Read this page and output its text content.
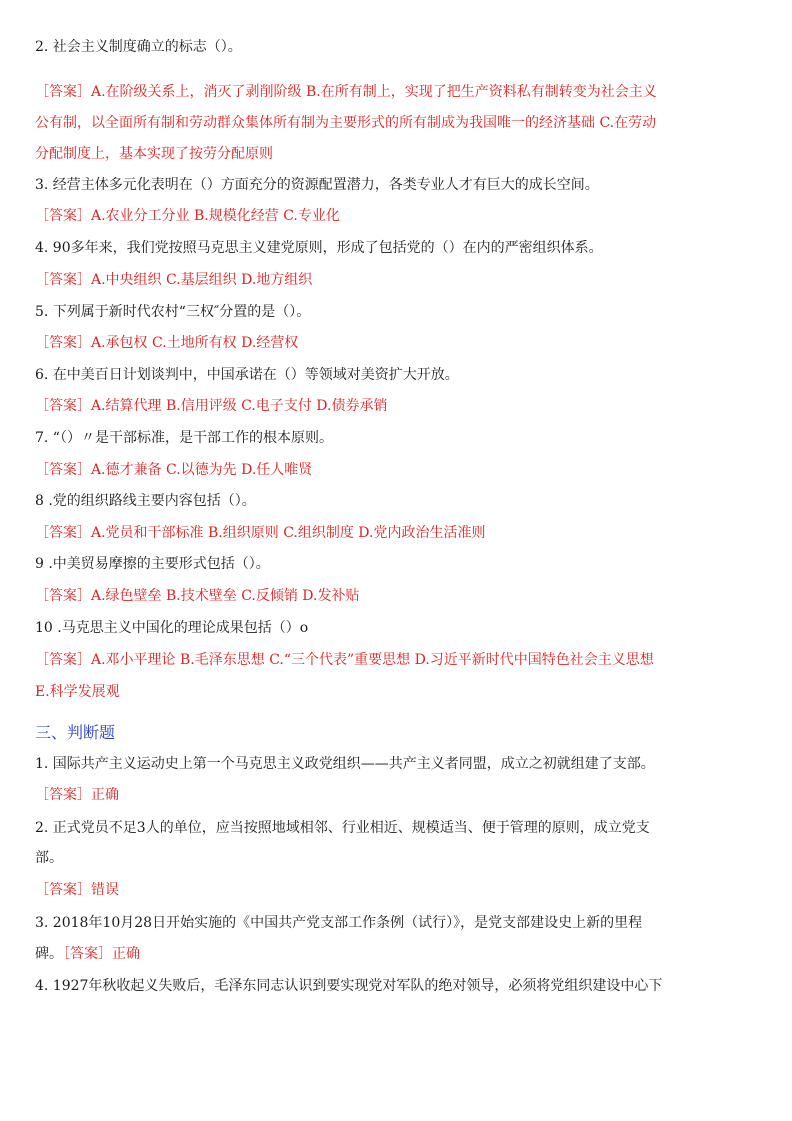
2. 社会主义制度确立的标志（）。
［答案］A.在阶级关系上，消灭了剥削阶级 B.在所有制上，实现了把生产资料私有制转变为社会主义
公有制，以全面所有制和劳动群众集体所有制为主要形式的所有制成为我国唯一的经济基础 C.在劳动
分配制度上，基本实现了按劳分配原则
3. 经营主体多元化表明在（）方面充分的资源配置潜力，各类专业人才有巨大的成长空间。
［答案］A.农业分工分业 B.规模化经营 C.专业化
4. 90多年来，我们党按照马克思主义建党原则，形成了包括党的（）在内的严密组织体系。
［答案］A.中央组织 C.基层组织 D.地方组织
5. 下列属于新时代农村“三权″分置的是（）。
［答案］A.承包权 C.土地所有权 D.经营权
6. 在中美百日计划谈判中，中国承诺在（）等领域对美资扩大开放。
［答案］A.结算代理 B.信用评级 C.电子支付 D.债券承销
7. “（）〃是干部标准，是干部工作的根本原则。
［答案］A.德才兼备 C.以德为先 D.任人唯贤
8 .党的组织路线主要内容包括（）。
［答案］A.党员和干部标准 B.组织原则 C.组织制度 D.党内政治生活准则
9 .中美贸易摩擦的主要形式包括（）。
［答案］A.绿色壁垒 B.技术壁垒 C.反倾销 D.发补贴
10 .马克思主义中国化的理论成果包括（）o
［答案］A.邓小平理论 B.毛泽东思想 C.“三个代表”重要思想 D.习近平新时代中国特色社会主义思想
E.科学发展观
三、判断题
1. 国际共产主义运动史上第一个马克思主义政党组织——共产主义者同盟，成立之初就组建了支部。
［答案］正确
2. 正式党员不足3人的单位，应当按照地域相邻、行业相近、规模适当、便于管理的原则，成立党支
部。
［答案］错误
3. 2018年10月28日开始实施的《中国共产党支部工作条例（试行）》，是党支部建设史上新的里程
碑。［答案］正确
4. 1927年秋收起义失败后，毛泽东同志认识到要实现党对军队的绝对领导，必须将党组织建设中心下
